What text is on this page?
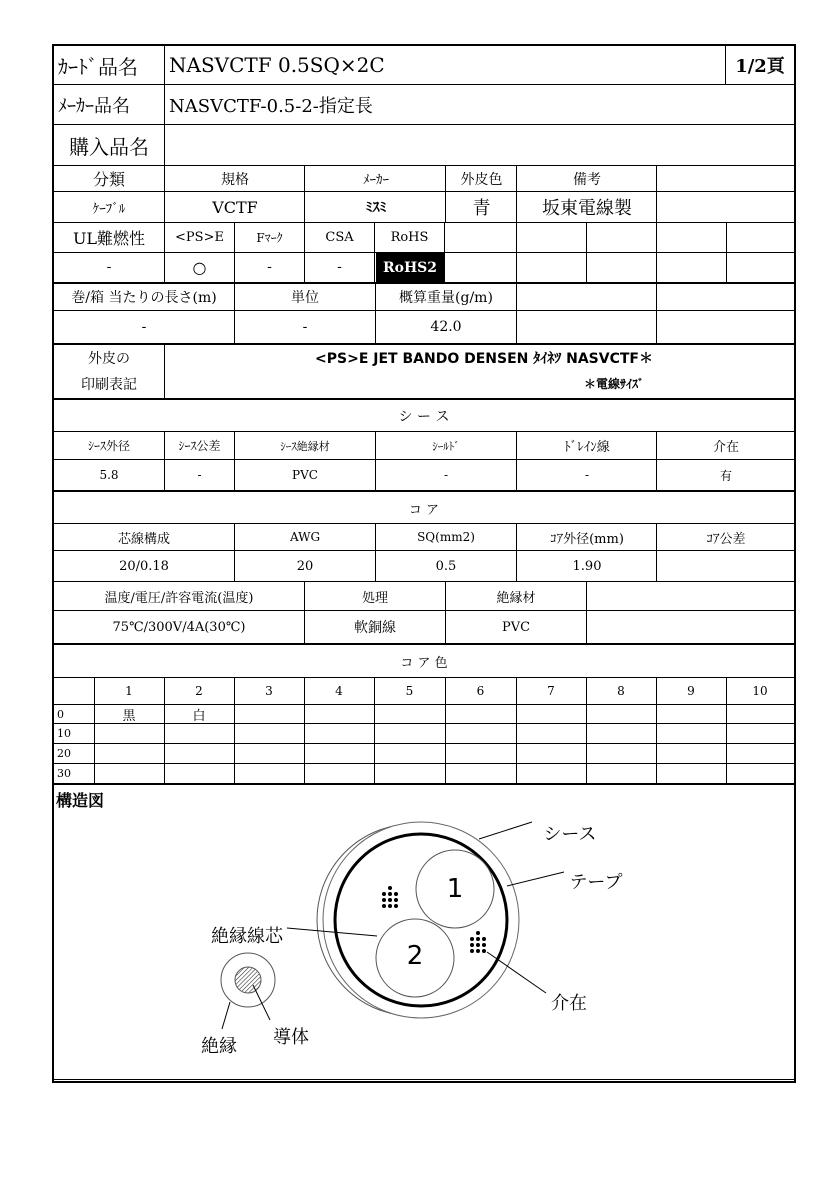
ｶｰﾄﾞ品名	NASVCTF 0.5SQ×2C	1/2頁
ﾒｰｶｰ品名	NASVCTF-0.5-2-指定長
購入品名
分類	規格	ﾒｰｶｰ	外皮色	備考
ｹｰﾌﾞﾙ	VCTF	ﾐｽﾐ	青	坂東電線製
UL難燃性	<PS>E	Fﾏｰｸ	CSA	RoHS
-	○	-	-	RoHS2
巻/箱 当たりの長さ(m)	単位	概算重量(g/m)
-	-	42.0
外皮の
印刷表記
<PS>E JET BANDO DENSEN ﾀｲﾈﾂ NASVCTF＊
＊電線ｻｲｽﾞ
シ ー ス
ｼｰｽ外径	ｼｰｽ公差	ｼｰｽ絶縁材	ｼｰﾙﾄﾞ	ﾄﾞﾚｲﾝ線	介在
5.8	-	PVC	-	-	有
コ ア
芯線構成	AWG	SQ(mm2)	ｺｱ外径(mm)	ｺｱ公差
20/0.18	20	0.5	1.90
温度/電圧/許容電流(温度)	処理	絶縁材
75℃/300V/4A(30℃)	軟銅線	PVC
コ ア 色
構造図
シース
テープ
絶縁線芯
介在
絶縁	導体
1
2
1	2	3	4	5	6	7	8	9	10
0	黒	白
10
20
30
